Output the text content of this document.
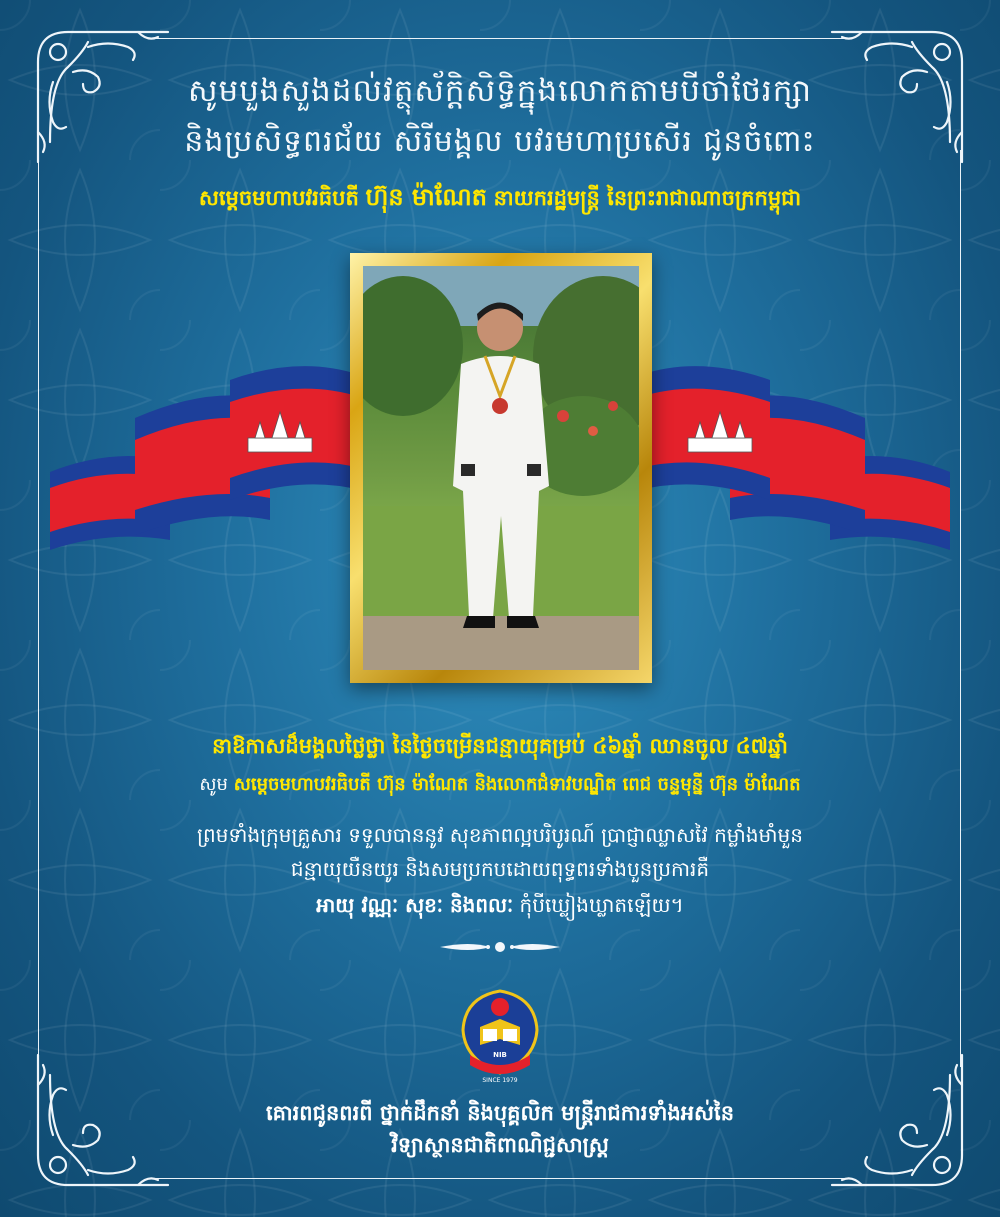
សូមបួងសួងដល់វត្ថុស័ក្តិសិទ្ធិក្នុងលោកតាមបីចាំថែរក្សា
និងប្រសិទ្ធពរជ័យ សិរីមង្គល បវរមហាប្រសើរ ជូនចំពោះ
សម្តេចមហាបវរធិបតី ហ៊ុន ម៉ាណែត នាយករដ្ឋមន្ត្រី នៃព្រះរាជាណាចក្រកម្ពុជា
នាឱកាសដ៏មង្គលថ្លៃថ្លា នៃថ្ងៃចម្រើនជន្មាយុគម្រប់ ៤៦ឆ្នាំ ឈានចូល ៤៧ឆ្នាំ
សូម សម្តេចមហាបវរធិបតី ហ៊ុន ម៉ាណែត និងលោកជំទាវបណ្ឌិត ពេជ ចន្ទមុន្នី ហ៊ុន ម៉ាណែត
ព្រមទាំងក្រុមគ្រួសារ ទទួលបាននូវ សុខភាពល្អបរិបូរណ៍ ប្រាជ្ញាឈ្លាសវៃ កម្លាំងមាំមួន
ជន្មាយុយឺនយូរ និងសមប្រកបដោយពុទ្ធពរទាំងបួនប្រការគឺ
អាយុ វណ្ណៈ សុខៈ និងពលៈ កុំបីឃ្លៀងឃ្លាតឡើយ។
NIB
SINCE 1979
គោរពជូនពរពី ថ្នាក់ដឹកនាំ និងបុគ្គលិក មន្ត្រីរាជការទាំងអស់នៃ
វិទ្យាស្ថានជាតិពាណិជ្ជសាស្ត្រ
